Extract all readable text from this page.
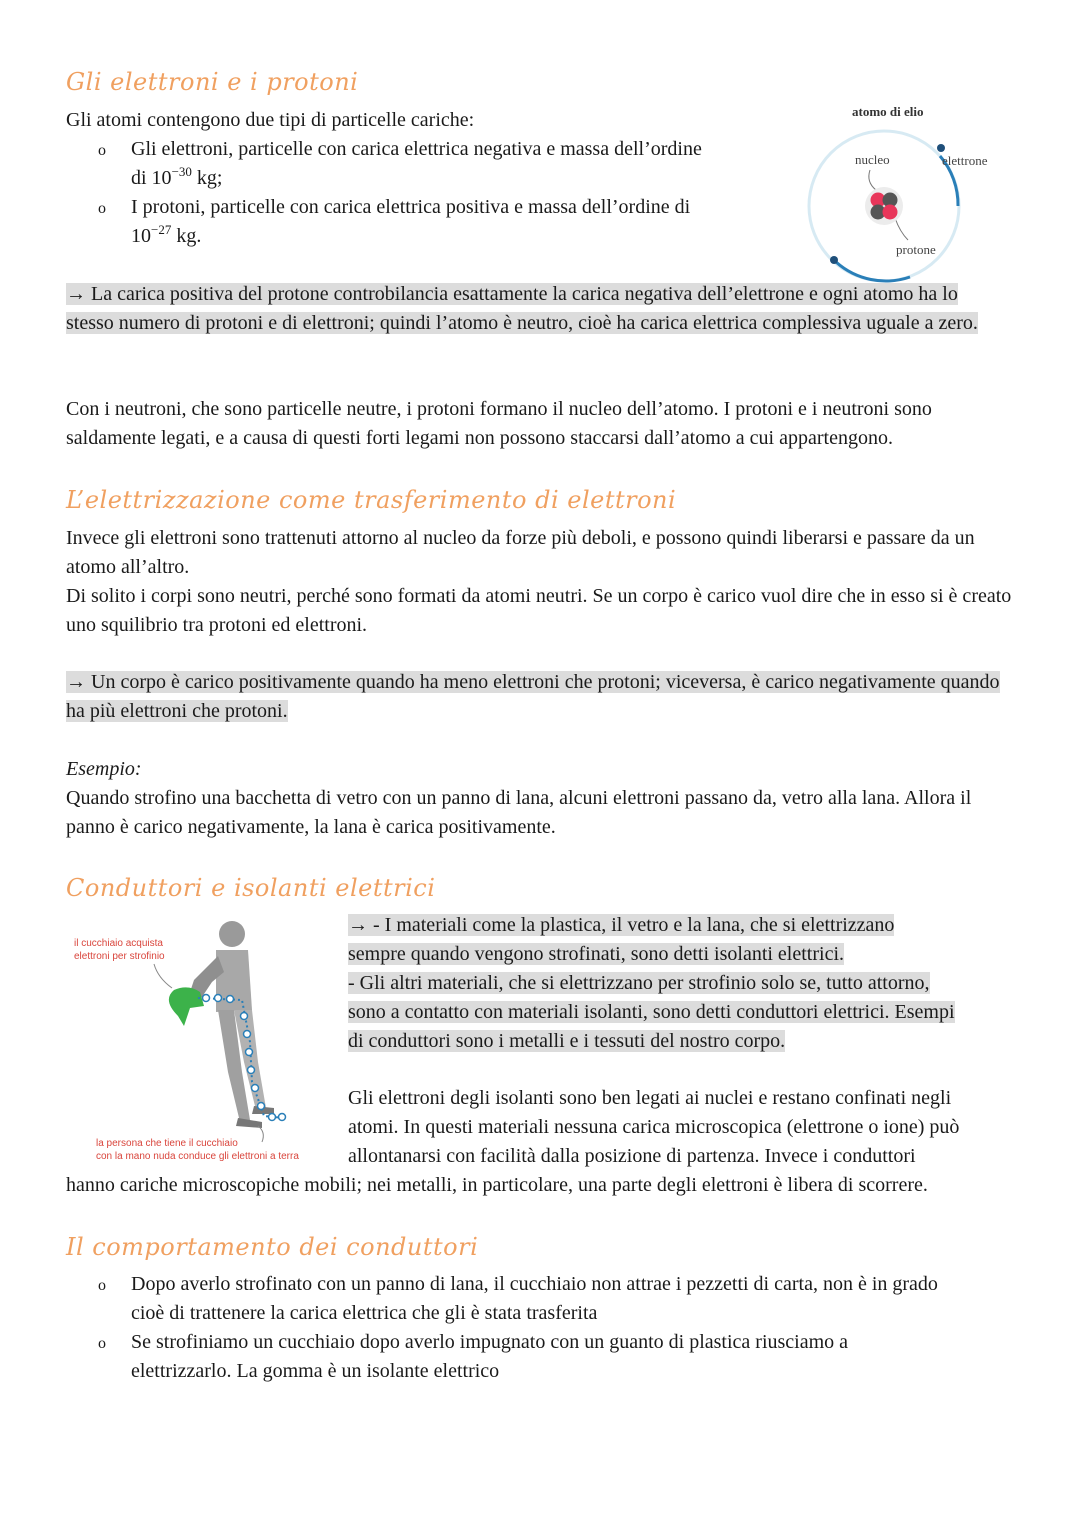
Gli elettroni e i protoni
Gli atomi contengono due tipi di particelle cariche:
o Gli elettroni, particelle con carica elettrica negativa e massa dell’ordine
di $10^{-30}$ kg;
o I protoni, particelle con carica elettrica positiva e massa dell’ordine di
$10^{-27}$ kg.
atomo di elio
nucleo	elettrone
protone
→ La carica positiva del protone controbilancia esattamente la carica negativa dell’elettrone e ogni atomo ha lo stesso numero di protoni e di elettroni; quindi l’atomo è neutro, cioè ha carica elettrica complessiva uguale a zero.
Con i neutroni, che sono particelle neutre, i protoni formano il nucleo dell’atomo. I protoni e i neutroni sono saldamente legati, e a causa di questi forti legami non possono staccarsi dall’atomo a cui appartengono.
L’elettrizzazione come trasferimento di elettroni
Invece gli elettroni sono trattenuti attorno al nucleo da forze più deboli, e possono quindi liberarsi e passare da un atomo all’altro.
Di solito i corpi sono neutri, perché sono formati da atomi neutri. Se un corpo è carico vuol dire che in esso si è creato uno squilibrio tra protoni ed elettroni.
→ Un corpo è carico positivamente quando ha meno elettroni che protoni; viceversa, è carico negativamente quando ha più elettroni che protoni.
Esempio:
Quando strofino una bacchetta di vetro con un panno di lana, alcuni elettroni passano da, vetro alla lana. Allora il panno è carico negativamente, la lana è carica positivamente.
Conduttori e isolanti elettrici
il cucchiaio acquista
elettroni per strofinio
la persona che tiene il cucchiaio
con la mano nuda conduce gli elettroni a terra
→ - I materiali come la plastica, il vetro e la lana, che si elettrizzano
sempre quando vengono strofinati, sono detti isolanti elettrici.
- Gli altri materiali, che si elettrizzano per strofinio solo se, tutto attorno,
sono a contatto con materiali isolanti, sono detti conduttori elettrici. Esempi
di conduttori sono i metalli e i tessuti del nostro corpo.
Gli elettroni degli isolanti sono ben legati ai nuclei e restano confinati negli
atomi. In questi materiali nessuna carica microscopica (elettrone o ione) può
allontanarsi con facilità dalla posizione di partenza. Invece i conduttori
hanno cariche microscopiche mobili; nei metalli, in particolare, una parte degli elettroni è libera di scorrere.
Il comportamento dei conduttori
o Dopo averlo strofinato con un panno di lana, il cucchiaio non attrae i pezzetti di carta, non è in grado
cioè di trattenere la carica elettrica che gli è stata trasferita
o Se strofiniamo un cucchiaio dopo averlo impugnato con un guanto di plastica riusciamo a
elettrizzarlo. La gomma è un isolante elettrico
